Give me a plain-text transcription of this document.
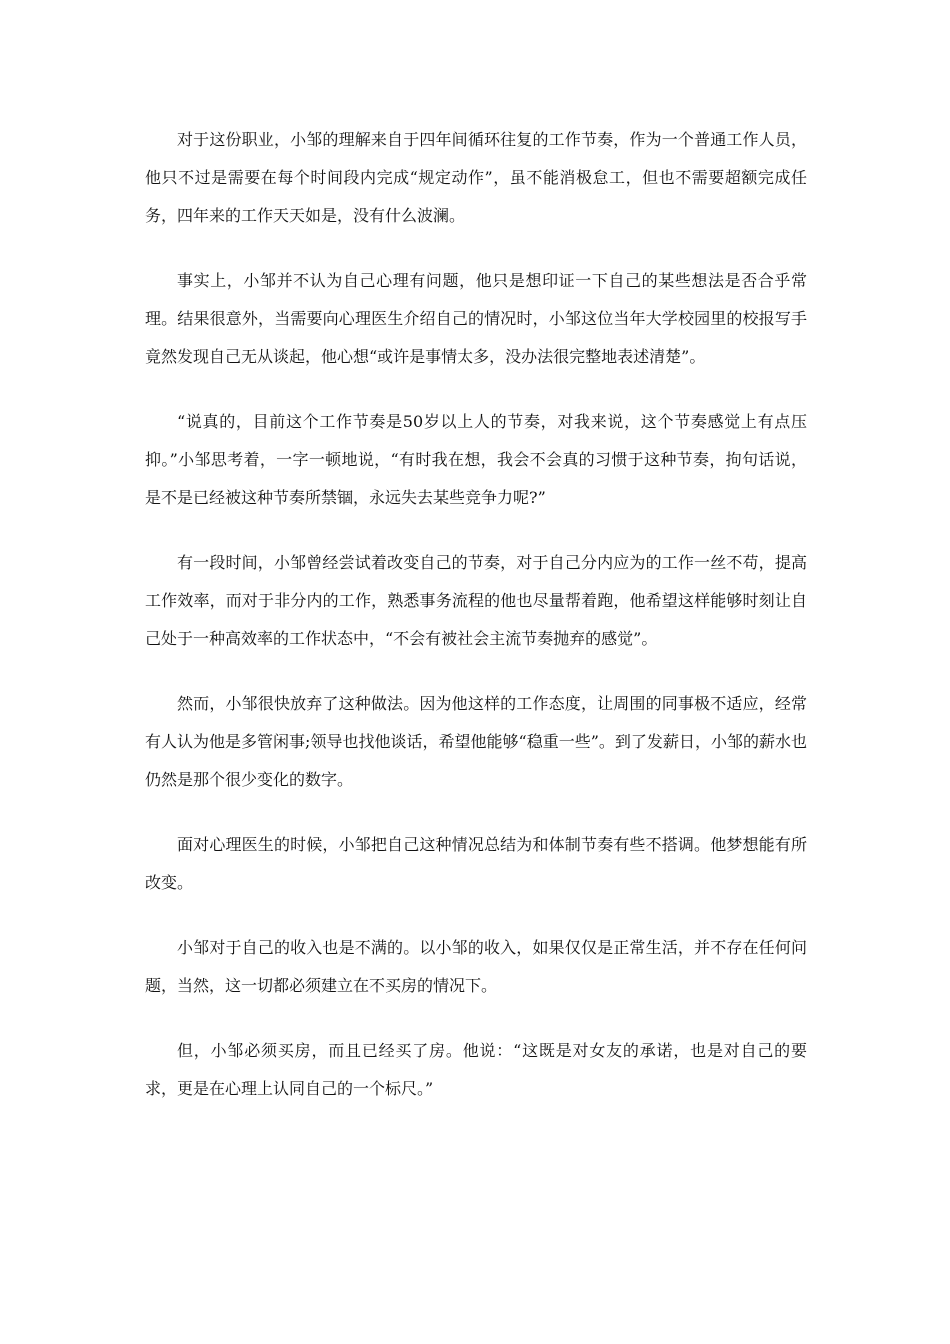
对于这份职业，小邹的理解来自于四年间循环往复的工作节奏，作为一个普通工作人员，他只不过是需要在每个时间段内完成“规定动作”，虽不能消极怠工，但也不需要超额完成任务，四年来的工作天天如是，没有什么波澜。

事实上，小邹并不认为自己心理有问题，他只是想印证一下自己的某些想法是否合乎常理。结果很意外，当需要向心理医生介绍自己的情况时，小邹这位当年大学校园里的校报写手竟然发现自己无从谈起，他心想“或许是事情太多，没办法很完整地表述清楚”。

“说真的，目前这个工作节奏是50岁以上人的节奏，对我来说，这个节奏感觉上有点压抑。”小邹思考着，一字一顿地说，“有时我在想，我会不会真的习惯于这种节奏，拘句话说，是不是已经被这种节奏所禁锢，永远失去某些竞争力呢?”

有一段时间，小邹曾经尝试着改变自己的节奏，对于自己分内应为的工作一丝不苟，提高工作效率，而对于非分内的工作，熟悉事务流程的他也尽量帮着跑，他希望这样能够时刻让自己处于一种高效率的工作状态中，“不会有被社会主流节奏抛弃的感觉”。

然而，小邹很快放弃了这种做法。因为他这样的工作态度，让周围的同事极不适应，经常有人认为他是多管闲事;领导也找他谈话，希望他能够“稳重一些”。到了发薪日，小邹的薪水也仍然是那个很少变化的数字。

面对心理医生的时候，小邹把自己这种情况总结为和体制节奏有些不搭调。他梦想能有所改变。

小邹对于自己的收入也是不满的。以小邹的收入，如果仅仅是正常生活，并不存在任何问题，当然，这一切都必须建立在不买房的情况下。

但，小邹必须买房，而且已经买了房。他说：“这既是对女友的承诺，也是对自己的要求，更是在心理上认同自己的一个标尺。”
